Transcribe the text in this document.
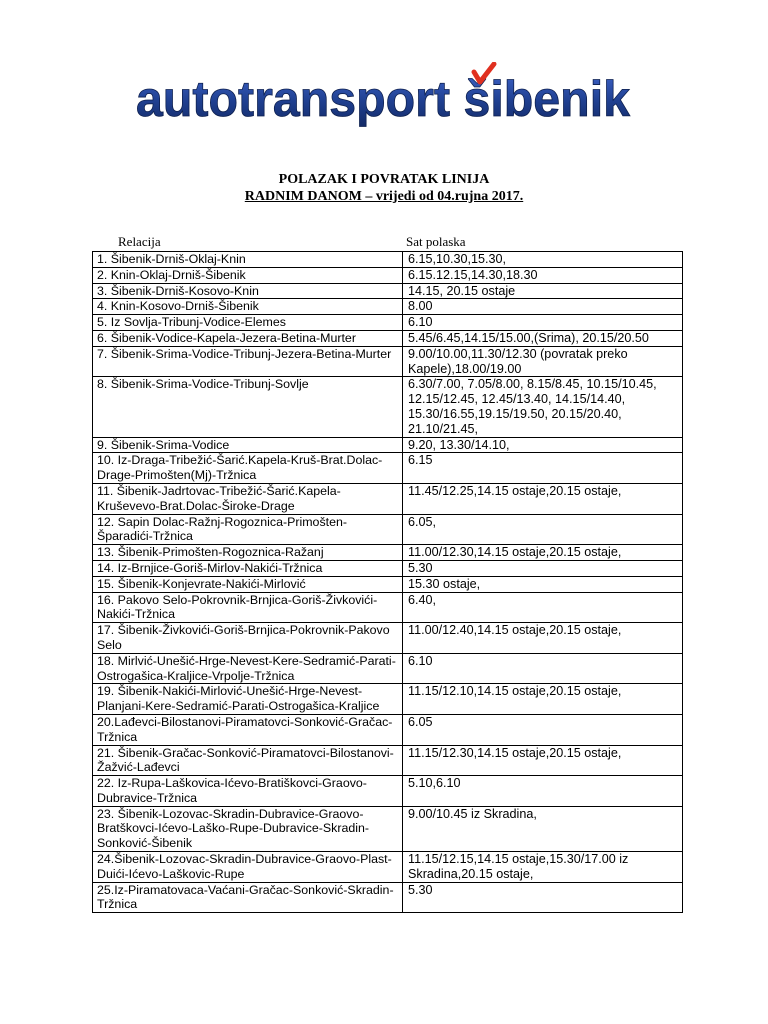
autotransport šibenik
POLAZAK I POVRATAK LINIJA
RADNIM DANOM – vrijedi od 04.rujna 2017.
Relacija	Sat polaska
1. Šibenik-Drniš-Oklaj-Knin	6.15,10.30,15.30,
2. Knin-Oklaj-Drniš-Šibenik	6.15.12.15,14.30,18.30
3. Šibenik-Drniš-Kosovo-Knin	14.15, 20.15 ostaje
4. Knin-Kosovo-Drniš-Šibenik	8.00
5. Iz Sovlja-Tribunj-Vodice-Elemes	6.10
6. Šibenik-Vodice-Kapela-Jezera-Betina-Murter	5.45/6.45,14.15/15.00,(Srima), 20.15/20.50
7. Šibenik-Srima-Vodice-Tribunj-Jezera-Betina-Murter	9.00/10.00,11.30/12.30 (povratak preko Kapele),18.00/19.00
8. Šibenik-Srima-Vodice-Tribunj-Sovlje	6.30/7.00, 7.05/8.00, 8.15/8.45, 10.15/10.45, 12.15/12.45, 12.45/13.40, 14.15/14.40, 15.30/16.55,19.15/19.50, 20.15/20.40, 21.10/21.45,
9. Šibenik-Srima-Vodice	9.20, 13.30/14.10,
10. Iz-Draga-Tribežić-Šarić.Kapela-Kruš-Brat.Dolac-Drage-Primošten(Mj)-Tržnica	6.15
11. Šibenik-Jadrtovac-Tribežić-Šarić.Kapela-Kruševevo-Brat.Dolac-Široke-Drage	11.45/12.25,14.15 ostaje,20.15 ostaje,
12. Sapin Dolac-Ražnj-Rogoznica-Primošten-Šparadići-Tržnica	6.05,
13. Šibenik-Primošten-Rogoznica-Ražanj	11.00/12.30,14.15 ostaje,20.15 ostaje,
14. Iz-Brnjice-Goriš-Mirlov-Nakići-Tržnica	5.30
15. Šibenik-Konjevrate-Nakići-Mirlović	15.30 ostaje,
16. Pakovo Selo-Pokrovnik-Brnjica-Goriš-Živkovići-Nakići-Tržnica	6.40,
17. Šibenik-Živkovići-Goriš-Brnjica-Pokrovnik-Pakovo Selo	11.00/12.40,14.15 ostaje,20.15 ostaje,
18. Mirlvić-Unešić-Hrge-Nevest-Kere-Sedramić-Parati-Ostrogašica-Kraljice-Vrpolje-Tržnica	6.10
19. Šibenik-Nakići-Mirlović-Unešić-Hrge-Nevest-Planjani-Kere-Sedramić-Parati-Ostrogašica-Kraljice	11.15/12.10,14.15 ostaje,20.15 ostaje,
20.Lađevci-Bilostanovi-Piramatovci-Sonković-Gračac-Tržnica	6.05
21. Šibenik-Gračac-Sonković-Piramatovci-Bilostanovi-Žažvić-Lađevci	11.15/12.30,14.15 ostaje,20.15 ostaje,
22. Iz-Rupa-Laškovica-Ićevo-Bratiškovci-Graovo-Dubravice-Tržnica	5.10,6.10
23. Šibenik-Lozovac-Skradin-Dubravice-Graovo-Bratškovci-Ićevo-Laško-Rupe-Dubravice-Skradin-Sonković-Šibenik	9.00/10.45 iz Skradina,
24.Šibenik-Lozovac-Skradin-Dubravice-Graovo-Plast-Duići-Ićevo-Laškovic-Rupe	11.15/12.15,14.15 ostaje,15.30/17.00 iz Skradina,20.15 ostaje,
25.Iz-Piramatovaca-Vaćani-Gračac-Sonković-Skradin-Tržnica	5.30
